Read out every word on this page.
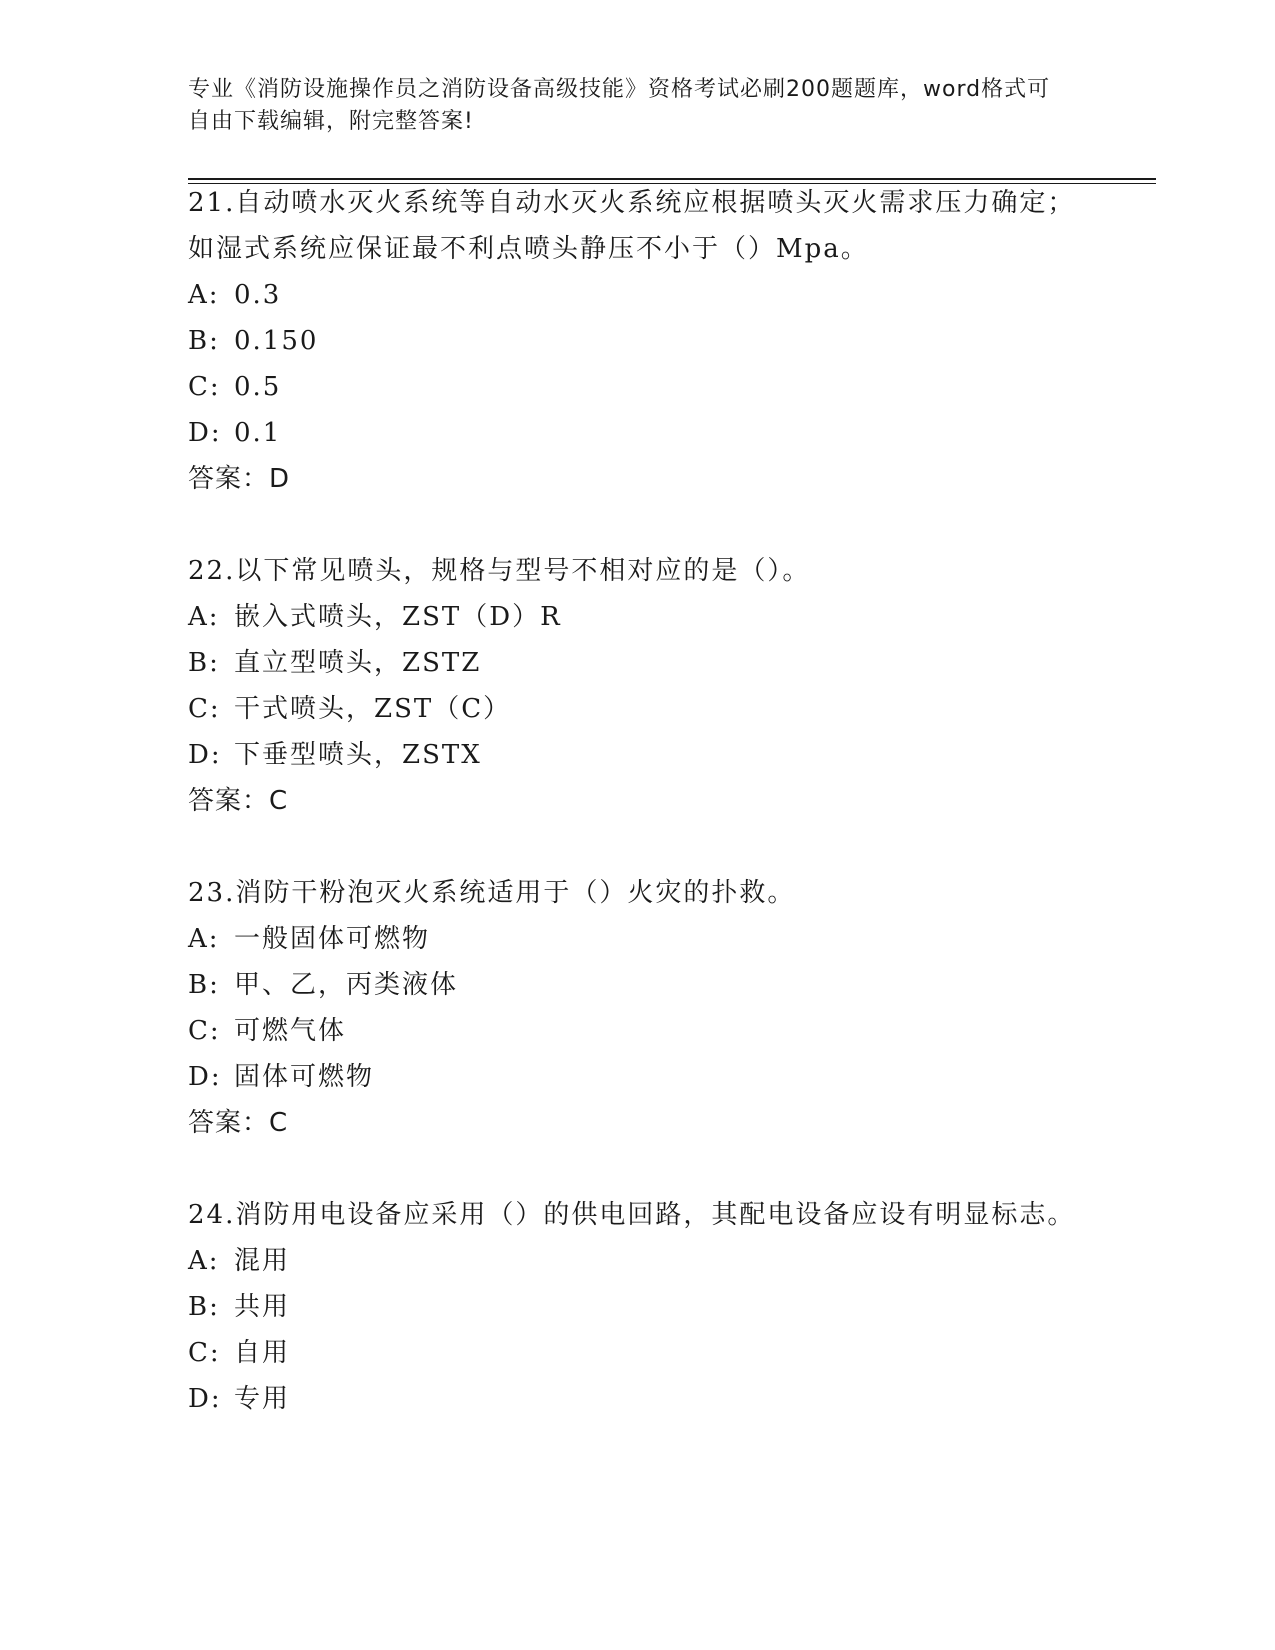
专业《消防设施操作员之消防设备高级技能》资格考试必刷200题题库，word格式可自由下载编辑，附完整答案!

21.自动喷水灭火系统等自动水灭火系统应根据喷头灭火需求压力确定；如湿式系统应保证最不利点喷头静压不小于（）Mpa。

A: 0.3
B: 0.150
C: 0.5
D: 0.1
答案：D

22.以下常见喷头，规格与型号不相对应的是（）。

A: 嵌入式喷头，ZST（D）R
B: 直立型喷头，ZSTZ
C: 干式喷头，ZST（C）
D: 下垂型喷头，ZSTX
答案：C

23.消防干粉泡灭火系统适用于（）火灾的扑救。

A: 一般固体可燃物
B: 甲、乙，丙类液体
C: 可燃气体
D: 固体可燃物
答案：C

24.消防用电设备应采用（）的供电回路，其配电设备应设有明显标志。

A: 混用
B: 共用
C: 自用
D: 专用
